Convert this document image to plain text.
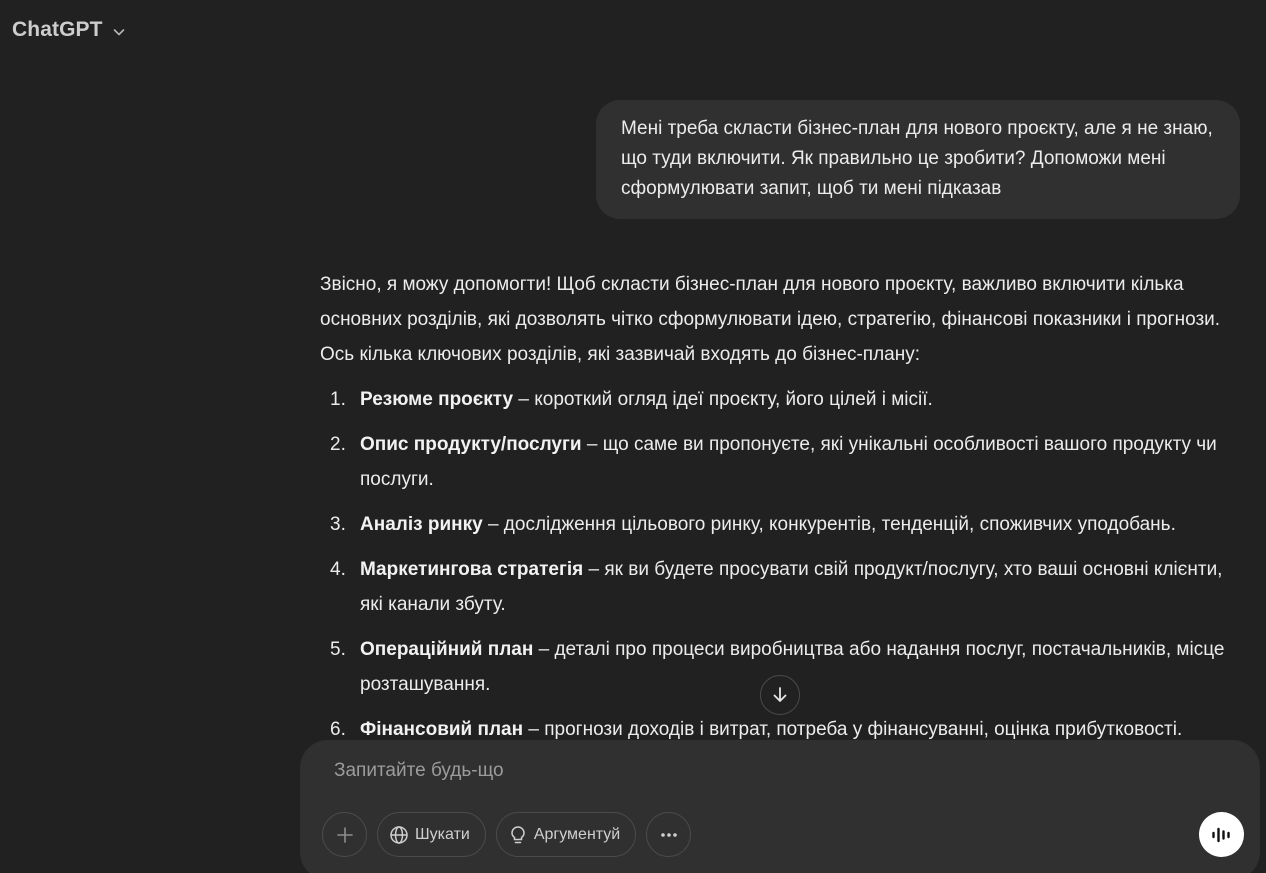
ChatGPT
Мені треба скласти бізнес-план для нового проєкту, але я не знаю, що туди включити. Як правильно це зробити? Допоможи мені сформулювати запит, щоб ти мені підказав

Звісно, я можу допомогти! Щоб скласти бізнес-план для нового проєкту, важливо включити кілька основних розділів, які дозволять чітко сформулювати ідею, стратегію, фінансові показники і прогнози. Ось кілька ключових розділів, які зазвичай входять до бізнес-плану:

1. Резюме проєкту – короткий огляд ідеї проєкту, його цілей і місії.
2. Опис продукту/послуги – що саме ви пропонуєте, які унікальні особливості вашого продукту чи послуги.
3. Аналіз ринку – дослідження цільового ринку, конкурентів, тенденцій, споживчих уподобань.
4. Маркетингова стратегія – як ви будете просувати свій продукт/послугу, хто ваші основні клієнти, які канали збуту.
5. Операційний план – деталі про процеси виробництва або надання послуг, постачальників, місце розташування.
6. Фінансовий план – прогнози доходів і витрат, потреба у фінансуванні, оцінка прибутковості.
Запитайте будь-що
Шукати	Аргументуй
